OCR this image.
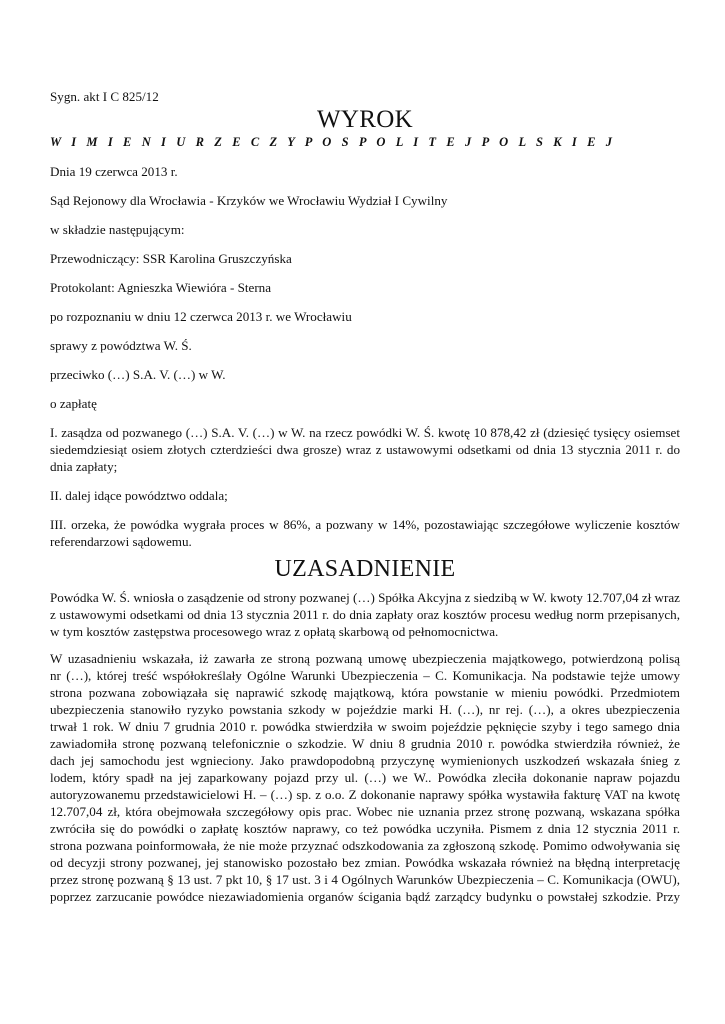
Sygn. akt I C 825/12

WYROK

W I M I E N I U R Z E C Z Y P O S P O L I T E J P O L S K I E J

Dnia 19 czerwca 2013 r.

Sąd Rejonowy dla Wrocławia - Krzyków we Wrocławiu Wydział I Cywilny

w składzie następującym:

Przewodniczący: SSR Karolina Gruszczyńska

Protokolant: Agnieszka Wiewióra - Sterna

po rozpoznaniu w dniu 12 czerwca 2013 r. we Wrocławiu

sprawy z powództwa W. Ś.

przeciwko (…) S.A. V. (…) w W.

o zapłatę

I. zasądza od pozwanego (…) S.A. V. (…) w W. na rzecz powódki W. Ś. kwotę 10 878,42 zł (dziesięć tysięcy osiemset
siedemdziesiąt osiem złotych czterdzieści dwa grosze) wraz z ustawowymi odsetkami od dnia 13 stycznia 2011 r. do
dnia zapłaty;

II. dalej idące powództwo oddala;

III. orzeka, że powódka wygrała proces w 86%, a pozwany w 14%, pozostawiając szczegółowe wyliczenie kosztów
referendarzowi sądowemu.

UZASADNIENIE

Powódka W. Ś. wniosła o zasądzenie od strony pozwanej (…) Spółka Akcyjna z siedzibą w W. kwoty 12.707,04 zł wraz
z ustawowymi odsetkami od dnia 13 stycznia 2011 r. do dnia zapłaty oraz kosztów procesu według norm przepisanych,
w tym kosztów zastępstwa procesowego wraz z opłatą skarbową od pełnomocnictwa.
W uzasadnieniu wskazała, iż zawarła ze stroną pozwaną umowę ubezpieczenia majątkowego, potwierdzoną polisą
nr (…), której treść współokreślały Ogólne Warunki Ubezpieczenia – C. Komunikacja. Na podstawie tejże umowy
strona pozwana zobowiązała się naprawić szkodę majątkową, która powstanie w mieniu powódki. Przedmiotem
ubezpieczenia stanowiło ryzyko powstania szkody w pojeździe marki H. (…), nr rej. (…), a okres ubezpieczenia
trwał 1 rok. W dniu 7 grudnia 2010 r. powódka stwierdziła w swoim pojeździe pęknięcie szyby i tego samego dnia
zawiadomiła stronę pozwaną telefonicznie o szkodzie. W dniu 8 grudnia 2010 r. powódka stwierdziła również, że
dach jej samochodu jest wgnieciony. Jako prawdopodobną przyczynę wymienionych uszkodzeń wskazała śnieg z
lodem, który spadł na jej zaparkowany pojazd przy ul. (…) we W.. Powódka zleciła dokonanie napraw pojazdu
autoryzowanemu przedstawicielowi H. – (…) sp. z o.o. Z dokonanie naprawy spółka wystawiła fakturę VAT na kwotę
12.707,04 zł, która obejmowała szczegółowy opis prac. Wobec nie uznania przez stronę pozwaną, wskazana spółka
zwróciła się do powódki o zapłatę kosztów naprawy, co też powódka uczyniła. Pismem z dnia 12 stycznia 2011 r.
strona pozwana poinformowała, że nie może przyznać odszkodowania za zgłoszoną szkodę. Pomimo odwoływania się
od decyzji strony pozwanej, jej stanowisko pozostało bez zmian. Powódka wskazała również na błędną interpretację
przez stronę pozwaną § 13 ust. 7 pkt 10, § 17 ust. 3 i 4 Ogólnych Warunków Ubezpieczenia – C. Komunikacja (OWU),
poprzez zarzucanie powódce niezawiadomienia organów ścigania bądź zarządcy budynku o powstałej szkodzie. Przy
